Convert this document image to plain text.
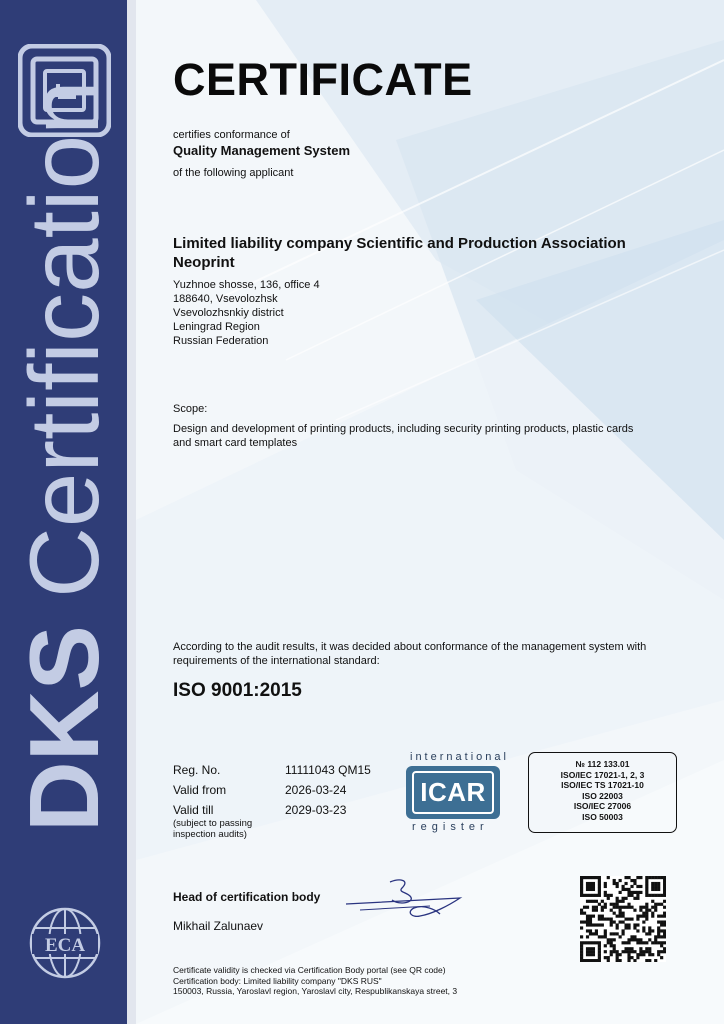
DKS Certification
ECA
CERTIFICATE
certifies conformance of
Quality Management System
of the following applicant
Limited liability company Scientific and Production Association
Neoprint
Yuzhnoe shosse, 136, office 4
188640, Vsevolozhsk
Vsevolozhsnkiy district
Leningrad Region
Russian Federation
Scope:
Design and development of printing products, including security printing products, plastic cards
and smart card templates
According to the audit results, it was decided about conformance of the management system with
requirements of the international standard:
ISO 9001:2015
Reg. No.	11111043 QM15
Valid from	2026-03-24
Valid till	2029-03-23
(subject to passing
inspection audits)
international
ICAR
register
№ 112 133.01
ISO/IEC 17021-1, 2, 3
ISO/IEC TS 17021-10
ISO 22003
ISO/IEC 27006
ISO 50003
Head of certification body
Mikhail Zalunaev
Certificate validity is checked via Certification Body portal (see QR code)
Certification body: Limited liability company "DKS RUS"
150003, Russia, Yaroslavl region, Yaroslavl city, Respublikanskaya street, 3
